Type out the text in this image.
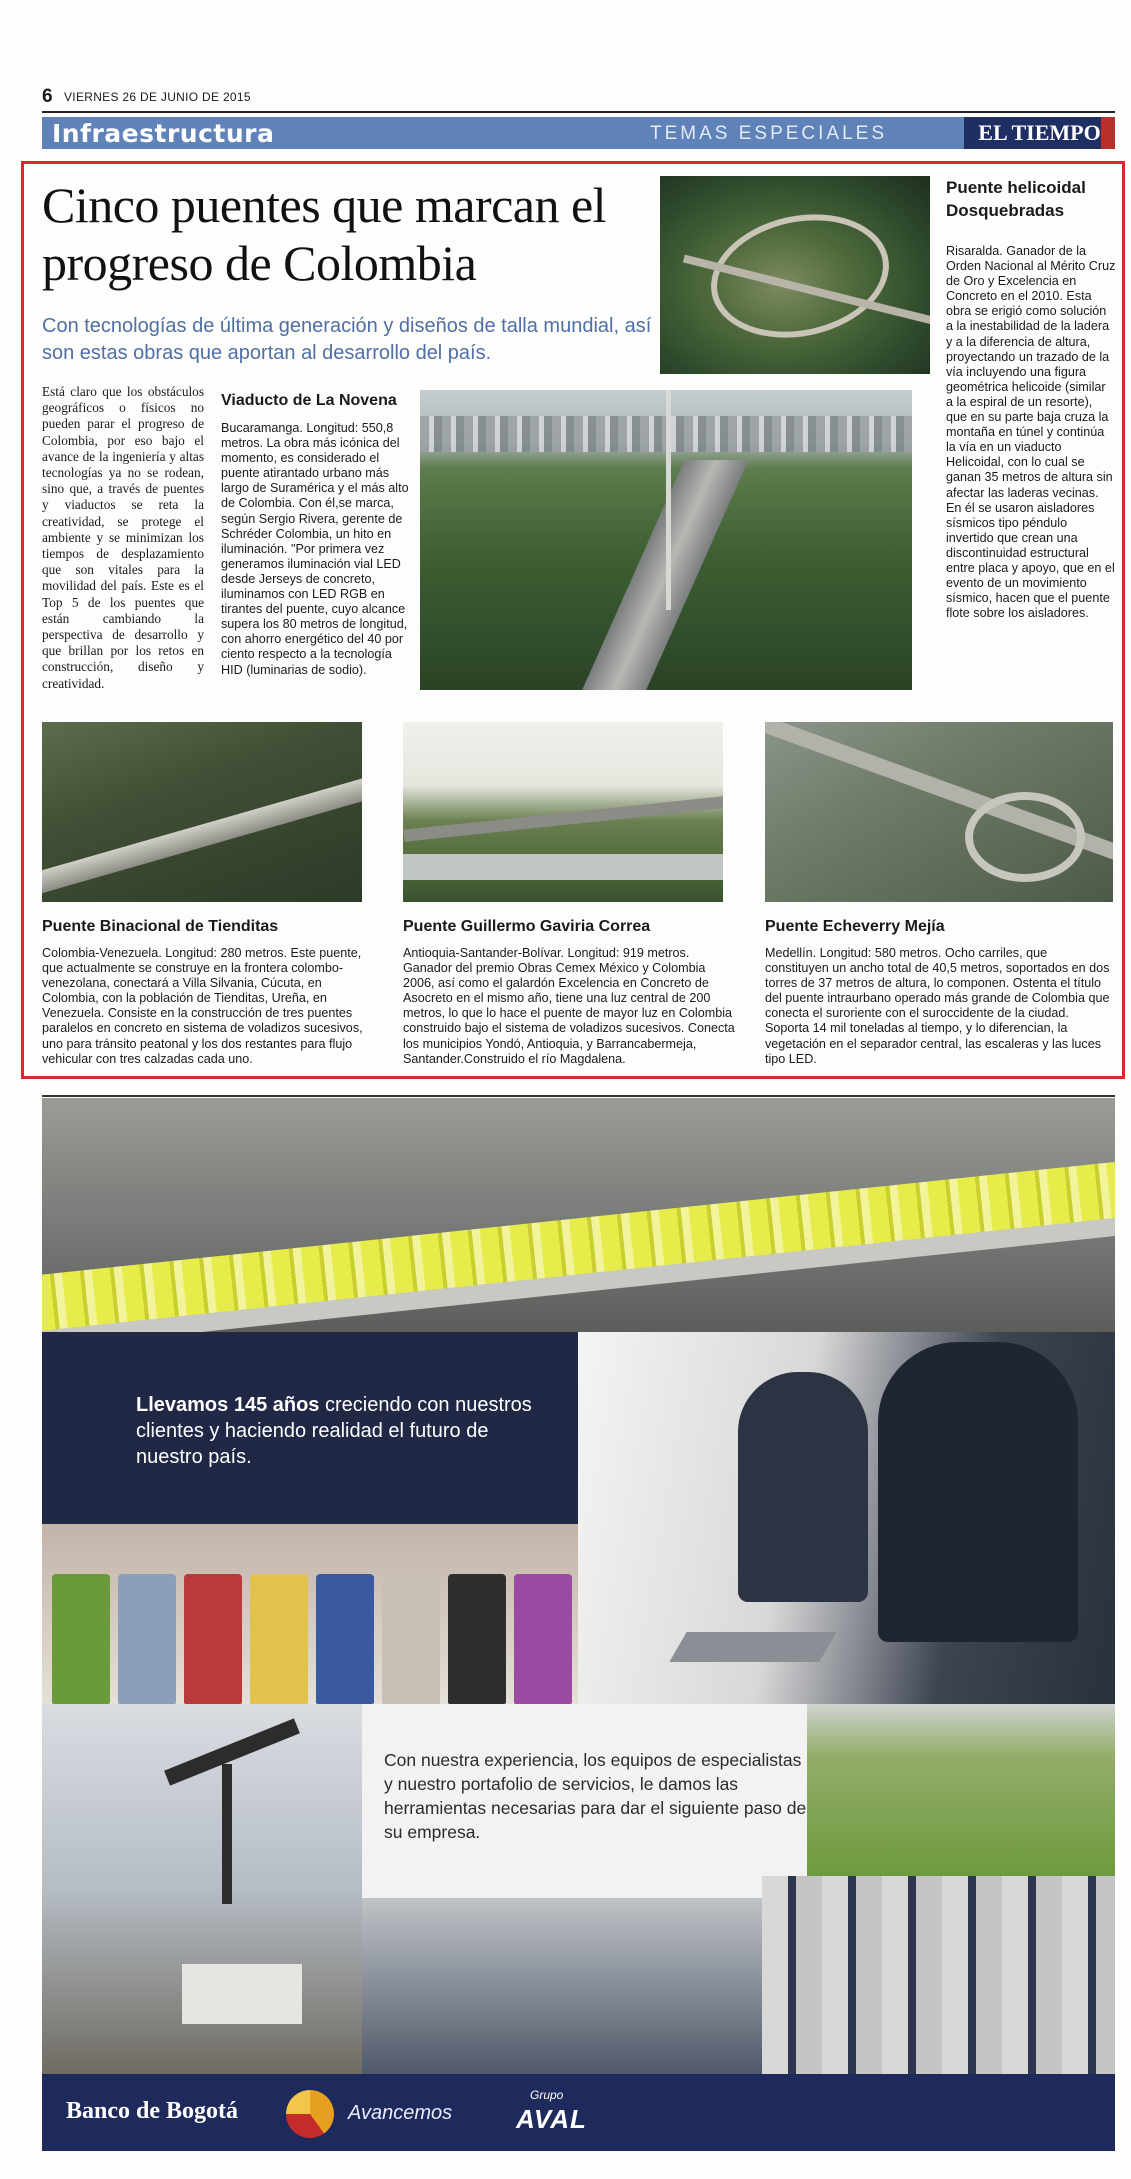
6 VIERNES 26 DE JUNIO DE 2015
Infraestructura	TEMAS ESPECIALES	EL TIEMPO
Cinco puentes que marcan el progreso de Colombia

Con tecnologías de última generación y diseños de talla mundial, así son estas obras que aportan al desarrollo del país.

Está claro que los obstáculos geográficos o físicos no pueden parar el progreso de Colombia, por eso bajo el avance de la ingeniería y altas tecnologías ya no se rodean, sino que, a través de puentes y viaductos se reta la creatividad, se protege el ambiente y se minimizan los tiempos de desplazamiento que son vitales para la movilidad del país. Este es el Top 5 de los puentes que están cambiando la perspectiva de desarrollo y que brillan por los retos en construcción, diseño y creatividad.

Puente helicoidal Dosquebradas

Risaralda. Ganador de la Orden Nacional al Mérito Cruz de Oro y Excelencia en Concreto en el 2010. Esta obra se erigió como solución a la inestabilidad de la ladera y a la diferencia de altura, proyectando un trazado de la vía incluyendo una figura geométrica helicoide (similar a la espiral de un resorte), que en su parte baja cruza la montaña en túnel y continúa la vía en un viaducto Helicoidal, con lo cual se ganan 35 metros de altura sin afectar las laderas vecinas. En él se usaron aisladores sísmicos tipo péndulo invertido que crean una discontinuidad estructural entre placa y apoyo, que en el evento de un movimiento sísmico, hacen que el puente flote sobre los aisladores.

Viaducto de La Novena

Bucaramanga. Longitud: 550,8 metros. La obra más icónica del momento, es considerado el puente atirantado urbano más largo de Suramérica y el más alto de Colombia. Con él,se marca, según Sergio Rivera, gerente de Schréder Colombia, un hito en iluminación. "Por primera vez generamos iluminación vial LED desde Jerseys de concreto, iluminamos con LED RGB en tirantes del puente, cuyo alcance supera los 80 metros de longitud, con ahorro energético del 40 por ciento respecto a la tecnología HID (luminarias de sodio).

Puente Binacional de Tienditas

Colombia-Venezuela. Longitud: 280 metros. Este puente, que actualmente se construye en la frontera colombo-venezolana, conectará a Villa Silvania, Cúcuta, en Colombia, con la población de Tienditas, Ureña, en Venezuela. Consiste en la construcción de tres puentes paralelos en concreto en sistema de voladizos sucesivos, uno para tránsito peatonal y los dos restantes para flujo vehicular con tres calzadas cada uno.

Puente Guillermo Gaviria Correa

Antioquia-Santander-Bolívar. Longitud: 919 metros. Ganador del premio Obras Cemex México y Colombia 2006, así como el galardón Excelencia en Concreto de Asocreto en el mismo año, tiene una luz central de 200 metros, lo que lo hace el puente de mayor luz en Colombia construido bajo el sistema de voladizos sucesivos. Conecta los municipios Yondó, Antioquia, y Barrancabermeja, Santander.Construido el río Magdalena.

Puente Echeverry Mejía

Medellín. Longitud: 580 metros. Ocho carriles, que constituyen un ancho total de 40,5 metros, soportados en dos torres de 37 metros de altura, lo componen. Ostenta el título del puente intraurbano operado más grande de Colombia que conecta el suroriente con el suroccidente de la ciudad. Soporta 14 mil toneladas al tiempo, y lo diferencian, la vegetación en el separador central, las escaleras y las luces tipo LED.

Llevamos 145 años creciendo con nuestros clientes y haciendo realidad el futuro de nuestro país.

Con nuestra experiencia, los equipos de especialistas y nuestro portafolio de servicios, le damos las herramientas necesarias para dar el siguiente paso de su empresa.

Banco de Bogotá	Avancemos
Grupo
AVAL
